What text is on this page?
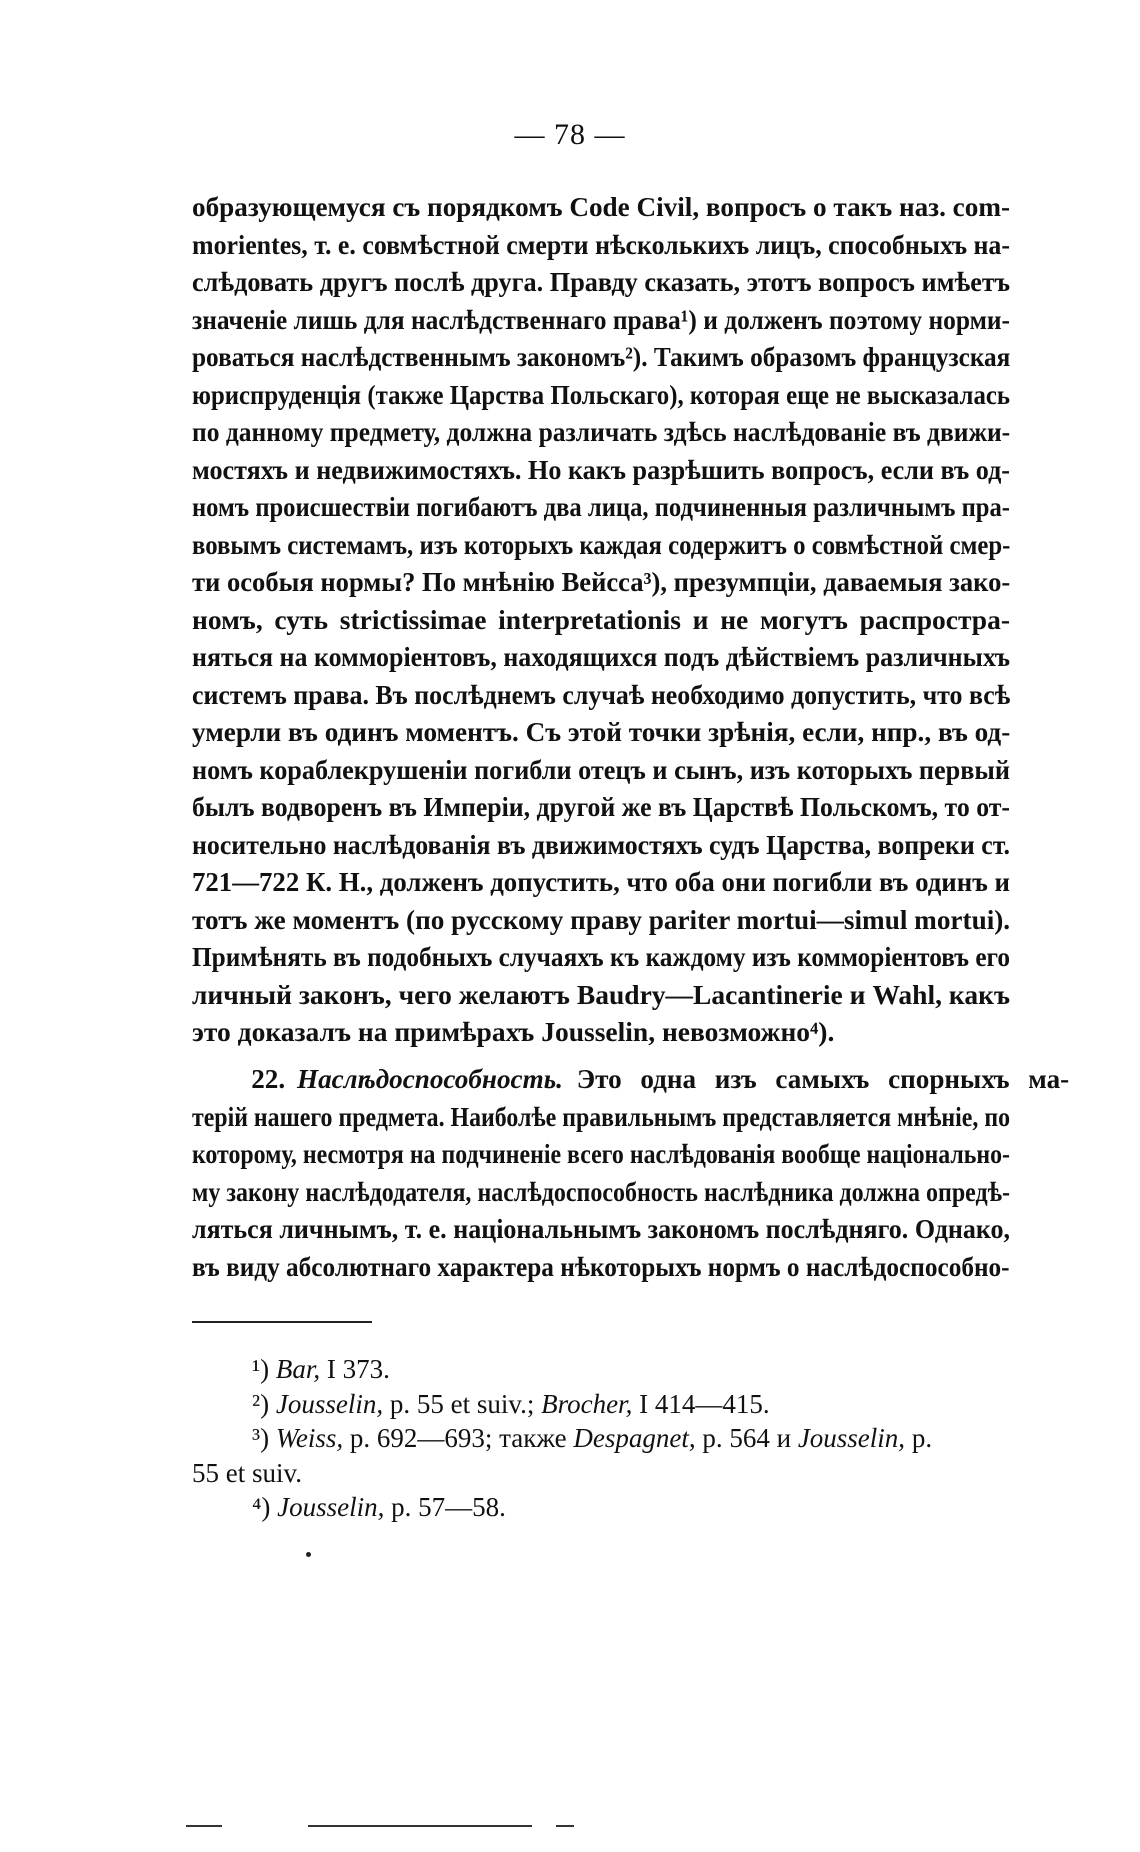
— 78 —
образующемуся съ порядкомъ Code Civil, вопросъ о такъ наз. com-
morientes, т. е. совмѣстной смерти нѣсколькихъ лицъ, способныхъ на-
слѣдовать другъ послѣ друга. Правду сказать, этотъ вопросъ имѣетъ
значеніе лишь для наслѣдственнаго права¹) и долженъ поэтому норми-
роваться наслѣдственнымъ закономъ²). Такимъ образомъ французская
юриспруденція (также Царства Польскаго), которая еще не высказалась
по данному предмету, должна различать здѣсь наслѣдованіе въ движи-
мостяхъ и недвижимостяхъ. Но какъ разрѣшить вопросъ, если въ од-
номъ происшествіи погибаютъ два лица, подчиненныя различнымъ пра-
вовымъ системамъ, изъ которыхъ каждая содержитъ о совмѣстной смер-
ти особыя нормы? По мнѣнію Вейсса³), презумпціи, даваемыя зако-
номъ, суть strictissimae interpretationis и не могутъ распростра-
няться на комморіентовъ, находящихся подъ дѣйствіемъ различныхъ
системъ права. Въ послѣднемъ случаѣ необходимо допустить, что всѣ
умерли въ одинъ моментъ. Съ этой точки зрѣнія, если, нпр., въ од-
номъ кораблекрушеніи погибли отецъ и сынъ, изъ которыхъ первый
былъ водворенъ въ Имперіи, другой же въ Царствѣ Польскомъ, то от-
носительно наслѣдованія въ движимостяхъ судъ Царства, вопреки ст.
721—722 К. Н., долженъ допустить, что оба они погибли въ одинъ и
тотъ же моментъ (по русскому праву pariter mortui—simul mortui).
Примѣнять въ подобныхъ случаяхъ къ каждому изъ комморіентовъ его
личный законъ, чего желаютъ Baudry—Lacantinerie и Wahl, какъ
это доказалъ на примѣрахъ Jousselin, невозможно⁴).
22. Наслѣдоспособность. Это одна изъ самыхъ спорныхъ ма-
терій нашего предмета. Наиболѣе правильнымъ представляется мнѣніе, по
которому, несмотря на подчиненіе всего наслѣдованія вообще національно-
му закону наслѣдодателя, наслѣдоспособность наслѣдника должна опредѣ-
ляться личнымъ, т. е. національнымъ закономъ послѣдняго. Однако,
въ виду абсолютнаго характера нѣкоторыхъ нормъ о наслѣдоспособно-
¹) Bar, I 373.
²) Jousselin, p. 55 et suiv.; Brocher, I 414—415.
³) Weiss, p. 692—693; также Despagnet, p. 564 и Jousselin, p.
55 et suiv.
⁴) Jousselin, p. 57—58.
